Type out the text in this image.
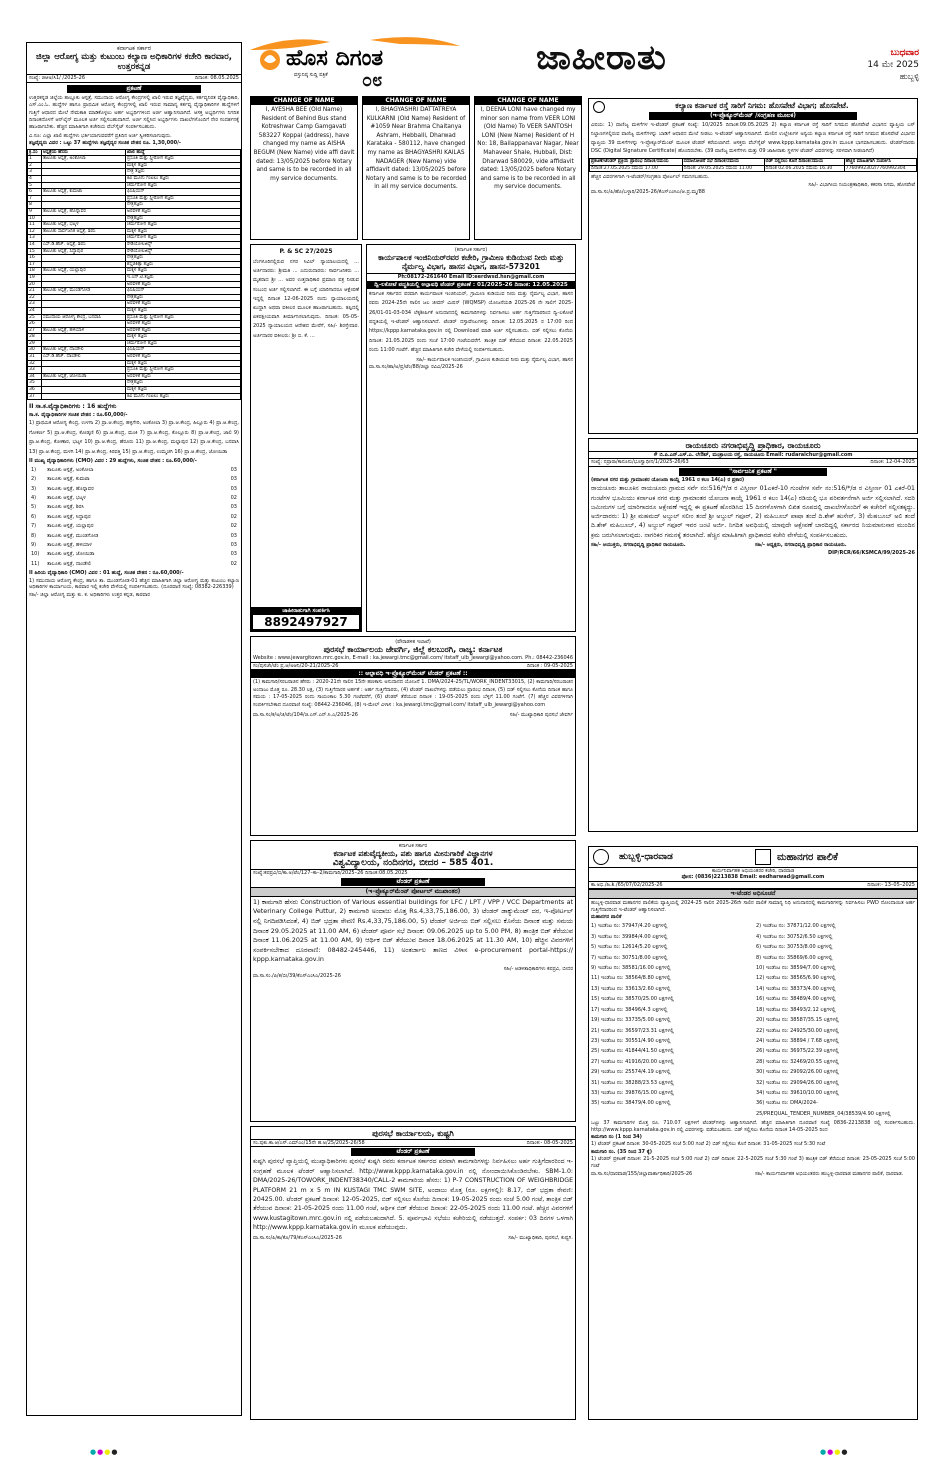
ಹೊಸ ದಿಗಂತ
ವಸ್ತುನಿಷ್ಠ ಸುದ್ದಿ ಪತ್ರಿಕೆ ೦೮
ಜಾಹೀರಾತು	ಬುಧವಾರ
14 ಮೇ 2025
ಹುಬ್ಬಳ್ಳಿ
ಕರ್ನಾಟಕ ಸರ್ಕಾರ
ಜಿಲ್ಲಾ ಆರೋಗ್ಯ ಮತ್ತು ಕುಟುಂಬ ಕಲ್ಯಾಣ ಅಧಿಕಾರಿಗಳ ಕಚೇರಿ ಕಾರವಾರ, ಉತ್ತರಕನ್ನಡ
ಸಂಖ್ಯೆ: ಜಿಆಅ/ಸಿ1/ /2025-26	ದಿನಾಂಕ: 08.05.2025
ಪ್ರಕಟಣೆ

ಉತ್ತರಕನ್ನಡ ಜಿಲ್ಲೆಯ ತಾಲ್ಲೂಕು ಆಸ್ಪತ್ರೆ, ಸಮುದಾಯ ಆರೋಗ್ಯ ಕೇಂದ್ರಗಳಲ್ಲಿ ಖಾಲಿ ಇರುವ ತಜ್ಞವೈದ್ಯರು, ಕರ್ತವ್ಯನಿರತ ವೈದ್ಯಾಧಿಕಾರಿ, ಎಸ್.ಎಂ.ಓ. ಹುದ್ದೆಗಳ ಹಾಗೂ ಪ್ರಾಥಮಿಕ ಆರೋಗ್ಯ ಕೇಂದ್ರಗಳಲ್ಲಿ ಖಾಲಿ ಇರುವ ಸಾಮಾನ್ಯ ಕರ್ತವ್ಯ ವೈದ್ಯಾಧಿಕಾರಿಗಳ ಹುದ್ದೆಗಳಿಗೆ ಗುತ್ತಿಗೆ ಆಧಾರದ ಮೇಲೆ ನೇಮಕಾತಿ ಮಾಡಿಕೊಳ್ಳಲು ಅರ್ಹ ಅಭ್ಯರ್ಥಿಗಳಿಂದ ಅರ್ಜಿ ಆಹ್ವಾನಿಸಲಾಗಿದೆ. ಆಸಕ್ತ ಅಭ್ಯರ್ಥಿಗಳು ನಿಗದಿತ ದಿನಾಂಕದೊಳಗೆ ಆನ್‌ಲೈನ್ ಮೂಲಕ ಅರ್ಜಿ ಸಲ್ಲಿಸಬಹುದಾಗಿದೆ. ಅರ್ಜಿ ಸಲ್ಲಿಸಿದ ಅಭ್ಯರ್ಥಿಗಳು ದಾಖಲೆಗಳೊಂದಿಗೆ ನೇರ ಸಂದರ್ಶನಕ್ಕೆ ಹಾಜರಾಗಬೇಕು. ಹೆಚ್ಚಿನ ಮಾಹಿತಿಗಾಗಿ ಕಚೇರಿಯ ವೆಬ್‌ಸೈಟ್ ಸಂಪರ್ಕಿಸಬಹುದು.

ವಿ.ಸೂ: ಎಲ್ಲಾ ಖಾಲಿ ಹುದ್ದೆಗಳು ಭರ್ತಿಯಾಗುವವರೆಗೆ ಪ್ರತಿದಿನ ಅರ್ಜಿ ಸ್ವೀಕರಿಸಲಾಗುವುದು.

ತಜ್ಞವೈದ್ಯರು ವಿವರ : ಒಟ್ಟು 37 ಹುದ್ದೆಗಳು ತಜ್ಞವೈದ್ಯರ ಸಂಚಿತ ವೇತನ ರೂ. 1,30,000/-

ಕ್ರ.ಸಂ	ಆಸ್ಪತ್ರೆಯ ಹೆಸರು	ಖಾಲಿ ಹುದ್ದೆ
1	ತಾಲೂಕು ಆಸ್ಪತ್ರೆ, ಅಂಕೋಲಾ	ಪ್ರಸೂತಿ ಮತ್ತು ಸ್ತ್ರೀರೋಗ ತಜ್ಞರು
2		ಮಕ್ಕಳ ತಜ್ಞರು
3		ನೇತ್ರ ತಜ್ಞರು
4		ಕಿವಿ ಮೂಗು ಗಂಟಲು ತಜ್ಞರು
5		ಚರ್ಮರೋಗ ತಜ್ಞರು
6	ತಾಲೂಕು ಆಸ್ಪತ್ರೆ, ಕುಮಟಾ	ಫಿಸಿಷಿಯನ್
7		ಪ್ರಸೂತಿ ಮತ್ತು ಸ್ತ್ರೀರೋಗ ತಜ್ಞರು
8		ನೇತ್ರತಜ್ಞರು
9	ತಾಲೂಕು ಆಸ್ಪತ್ರೆ, ಹೊನ್ನಾವರ	ಅರವಳಿಕೆ ತಜ್ಞರು
10		ನೇತ್ರತಜ್ಞರು
11	ತಾಲೂಕು ಆಸ್ಪತ್ರೆ, ಭಟ್ಕಳ	ಚರ್ಮರೋಗ ತಜ್ಞರು
12	ತಾಲೂಕು ಸಾರ್ವಜನಿಕ ಆಸ್ಪತ್ರೆ, ಶಿರಸಿ	ಮಕ್ಕಳ ತಜ್ಞರು
13		ಚರ್ಮರೋಗ ತಜ್ಞರು
14	ಎಸ್.ಡಿ.ಹೆಚ್. ಆಸ್ಪತ್ರೆ, ಶಿರಸಿ	ರೇಡಿಯೋಲಜಿಸ್ಟ್
15	ತಾಲೂಕು ಆಸ್ಪತ್ರೆ, ಸಿದ್ದಾಪುರ	ರೇಡಿಯೋಲಜಿಸ್ಟ್
16		ನೇತ್ರತಜ್ಞರು
17		ಶಸ್ತ್ರಚಿಕಿತ್ಸಾ ತಜ್ಞರು
18	ತಾಲೂಕು ಆಸ್ಪತ್ರೆ, ಯಲ್ಲಾಪುರ	ಮಕ್ಕಳ ತಜ್ಞರು
19		ಇ.ಎನ್.ಟಿ.ತಜ್ಞರು
20		ಅರವಳಿಕೆ ತಜ್ಞರು
21	ತಾಲೂಕು ಆಸ್ಪತ್ರೆ, ಮುಂಡಗೋಡ	ಫಿಸಿಷಿಯನ್
22		ನೇತ್ರತಜ್ಞರು
23		ಅರವಳಿಕೆ ತಜ್ಞರು
24		ಮಕ್ಕಳ ತಜ್ಞರು
25	ಸಮುದಾಯ ಆರೋಗ್ಯ ಕೇಂದ್ರ, ಬನವಾಸಿ	ಪ್ರಸೂತಿ ಮತ್ತು ಸ್ತ್ರೀರೋಗ ತಜ್ಞರು
26		ಅರವಳಿಕೆ ತಜ್ಞರು
27	ತಾಲೂಕು ಆಸ್ಪತ್ರೆ, ಹಳಿಯಾಳ	ಅರವಳಿಕೆ ತಜ್ಞರು
28		ಮಕ್ಕಳ ತಜ್ಞರು
29		ಚರ್ಮರೋಗ ತಜ್ಞರು
30	ತಾಲೂಕು ಆಸ್ಪತ್ರೆ, ದಾಂಡೇಲಿ	ಫಿಸಿಷಿಯನ್
31	ಎಸ್.ಡಿ.ಹೆಚ್. ದಾಂಡೇಲಿ	ಅರವಳಿಕೆ ತಜ್ಞರು
32		ಮಕ್ಕಳ ತಜ್ಞರು
33		ಪ್ರಸೂತಿ ಮತ್ತು ಸ್ತ್ರೀರೋಗ ತಜ್ಞರು
34	ತಾಲೂಕು ಆಸ್ಪತ್ರೆ, ಜೋಯಿಡಾ	ಅರವಳಿಕೆ ತಜ್ಞರು
35		ನೇತ್ರತಜ್ಞರು
36		ಮಕ್ಕಳ ತಜ್ಞರು
37		ಕಿವಿ ಮೂಗು ಗಂಟಲು ತಜ್ಞರು

II ಸಾ.ಕ.ವೈದ್ಯಾಧಿಕಾರಿಗಳು : 16 ಹುದ್ದೆಗಳು

ಸಾ.ಕ. ವೈದ್ಯಾಧಿಕಾರಿಗಳ ಸಂಚಿತ ವೇತನ : ರೂ.60,000/-

1) ಪ್ರಾಥಮಿಕ ಆರೋಗ್ಯ ಕೇಂದ್ರ, ಉಳಗಾ 2) ಪ್ರಾ.ಆ.ಕೇಂದ್ರ, ಹಳ್ಳಿಗೇರಿ, ಅಂಕೋಲಾ 3) ಪ್ರಾ.ಆ.ಕೇಂದ್ರ, ಹಿಲ್ಲೂರು 4) ಪ್ರಾ.ಆ.ಕೇಂದ್ರ, ಗೋಕರ್ಣ 5) ಪ್ರಾ.ಆ.ಕೇಂದ್ರ, ಕೋಡ್ಕಣಿ 6) ಪ್ರಾ.ಆ.ಕೇಂದ್ರ, ಮಂಕಿ 7) ಪ್ರಾ.ಆ.ಕೇಂದ್ರ, ಕೊಲ್ಲೂರು 8) ಪ್ರಾ.ಆ.ಕೇಂದ್ರ, ಜಾಲಿ 9) ಪ್ರಾ.ಆ.ಕೇಂದ್ರ, ಕೋಣಾರ, ಭಟ್ಕಳ 10) ಪ್ರಾ.ಆ.ಕೇಂದ್ರ, ಹೆರೂರು 11) ಪ್ರಾ.ಆ.ಕೇಂದ್ರ, ಮಲ್ಲಾಪುರ 12) ಪ್ರಾ.ಆ.ಕೇಂದ್ರ, ಬನವಾಸಿ 13) ಪ್ರಾ.ಆ.ಕೇಂದ್ರ, ಮಳಗಿ 14) ಪ್ರಾ.ಆ.ಕೇಂದ್ರ, ಕಿರವತ್ತಿ 15) ಪ್ರಾ.ಆ.ಕೇಂದ್ರ, ಉಮ್ಮಚಗಿ 16) ಪ್ರಾ.ಆ.ಕೇಂದ್ರ, ಜೋಯಿಡಾ

II ಮುಖ್ಯ ವೈದ್ಯಾಧಿಕಾರಿಗಳು (CMO) ವಿವರ : 29 ಹುದ್ದೆಗಳು, ಸಂಚಿತ ವೇತನ : ರೂ.60,000/-

1)	ತಾಲೂಕು ಆಸ್ಪತ್ರೆ, ಅಂಕೋಲಾ	03
2)	ತಾಲೂಕು ಆಸ್ಪತ್ರೆ, ಕುಮಟಾ	03
3)	ತಾಲೂಕು ಆಸ್ಪತ್ರೆ, ಹೊನ್ನಾವರ	03
4)	ತಾಲೂಕು ಆಸ್ಪತ್ರೆ, ಭಟ್ಕಳ	02
5)	ತಾಲೂಕು ಆಸ್ಪತ್ರೆ, ಶಿರಸಿ	03
6)	ತಾಲೂಕು ಆಸ್ಪತ್ರೆ, ಸಿದ್ದಾಪುರ	02
7)	ತಾಲೂಕು ಆಸ್ಪತ್ರೆ, ಯಲ್ಲಾಪುರ	02
8)	ತಾಲೂಕು ಆಸ್ಪತ್ರೆ, ಮುಂಡಗೋಡ	03
9)	ತಾಲೂಕು ಆಸ್ಪತ್ರೆ, ಹಳಿಯಾಳ	03
10)	ತಾಲೂಕು ಆಸ್ಪತ್ರೆ, ಜೋಯಿಡಾ	03
11)	ತಾಲೂಕು ಆಸ್ಪತ್ರೆ, ದಾಂಡೇಲಿ	02

II ಹಿರಿಯ ವೈದ್ಯಾಧಿಕಾರಿ (CMO) ವಿವರ : 01 ಹುದ್ದೆ, ಸಂಚಿತ ವೇತನ : ರೂ.60,000/-

1) ಸಮುದಾಯ ಆರೋಗ್ಯ ಕೇಂದ್ರ, ಹಾಗೂ ತಾ. ಮುಂಡಗೋಡ-01 ಹೆಚ್ಚಿನ ಮಾಹಿತಿಗಾಗಿ ಜಿಲ್ಲಾ ಆರೋಗ್ಯ ಮತ್ತು ಕುಟುಂಬ ಕಲ್ಯಾಣ ಅಧಿಕಾರಿಗಳ ಕಾರ್ಯಾಲಯ, ಕಾರವಾರ ಇಲ್ಲಿ ಕಚೇರಿ ವೇಳೆಯಲ್ಲಿ ಸಂಪರ್ಕಿಸಬಹುದು. (ದೂರವಾಣಿ ಸಂಖ್ಯೆ: 08382-226339)

ಸಹಿ/- ಜಿಲ್ಲಾ ಆರೋಗ್ಯ ಮತ್ತು ಕು. ಕ. ಅಧಿಕಾರಿಗಳು ಉತ್ತರ ಕನ್ನಡ, ಕಾರವಾರ

CHANGE OF NAME
I, AYESHA BEE (Old Name) Resident of Behind Bus stand Kotreshwar Camp Gamgavati 583227 Koppal (address), have changed my name as AISHA BEGUM (New Name) vide affi davit dated: 13/05/2025 before Notary and same is to be recorded in all my service documents.
CHANGE OF NAME
I, BHAGYASHRI DATTATREYA KULKARNI (Old Name) Resident of #1059 Near Brahma Chaitanya Ashram, Hebballi, Dharwad Karataka - 580112, have changed my name as BHAGYASHRI KAILAS NADAGER (New Name) vide affidavit dated: 13/05/2025 before Notary and same is to be recorded in all my service documents.
CHANGE OF NAME
I, DEENA LONI have changed my minor son name from VEER LONI (Old Name) To VEER SANTOSH LONI (New Name) Resident of H No: 18, Bailappanavar Nagar, Near Mahaveer Shale, Hubbali, Dist: Dharwad 580029, vide affidavit dated: 13/05/2025 before Notary and same is to be recorded in all my service documents.
P. & SC 27/2025

ಬೆಂಗಳೂರಿನಲ್ಲಿರುವ ನಗರ ಸಿವಿಲ್ ನ್ಯಾಯಾಲಯದಲ್ಲಿ ... ಅರ್ಜಿದಾರರು: ಶ್ರೀಮತಿ ... ಎದುರುದಾರರು: ಸಾರ್ವಜನಿಕರು ... ಮೃತರಾದ ಶ್ರೀ ... ಅವರ ಉತ್ತರಾಧಿಕಾರ ಪ್ರಮಾಣ ಪತ್ರ ನೀಡುವ ಸಂಬಂಧ ಅರ್ಜಿ ಸಲ್ಲಿಸಲಾಗಿದೆ. ಈ ಬಗ್ಗೆ ಯಾರಿಗಾದರೂ ಆಕ್ಷೇಪಣೆ ಇದ್ದಲ್ಲಿ ದಿನಾಂಕ 12-06-2025 ರಂದು ನ್ಯಾಯಾಲಯದಲ್ಲಿ ಖುದ್ದಾಗಿ ಅಥವಾ ವಕೀಲರ ಮೂಲಕ ಹಾಜರಾಗಬಹುದು. ತಪ್ಪಿದಲ್ಲಿ ಏಕಪಕ್ಷೀಯವಾಗಿ ತೀರ್ಮಾನಿಸಲಾಗುವುದು. ದಿನಾಂಕ: 05-05-2025 ನ್ಯಾಯಾಲಯದ ಆದೇಶದ ಮೇರೆಗೆ, ಸಹಿ/- ಶಿರಸ್ತೇದಾರ. ಅರ್ಜಿದಾರರ ವಕೀಲರು: ಶ್ರೀ ಬಿ. ಕೆ. ...

ಜಾಹೀರಾತುಗಾಗಿ ಸಂಪರ್ಕಿಸಿ
8892497927
(ಕರ್ನಾಟಕ ಸರ್ಕಾರ)
ಕಾರ್ಯಪಾಲಕ ಇಂಜಿನಿಯರ್‌ರವರ ಕಚೇರಿ, ಗ್ರಾಮೀಣ ಕುಡಿಯುವ ನೀರು ಮತ್ತು ನೈರ್ಮಲ್ಯ ವಿಭಾಗ, ಹಾಸನ ವಿಭಾಗ, ಹಾಸನ-573201
Ph:08172-261640 Email ID:eerdwsd.hsn@gmail.com
ದ್ವಿ-ಲಕೋಟೆ ಪದ್ಧತಿಯಲ್ಲಿ ಅಲ್ಪಾವಧಿ ಟೆಂಡರ್ ಪ್ರಕಟಣೆ : 01/2025-26 ದಿನಾಂಕ: 12.05.2025

ಕರ್ನಾಟಕ ಸರ್ಕಾರದ ಪರವಾಗಿ ಕಾರ್ಯಪಾಲಕ ಇಂಜಿನಿಯರ್, ಗ್ರಾಮೀಣ ಕುಡಿಯುವ ನೀರು ಮತ್ತು ನೈರ್ಮಲ್ಯ ವಿಭಾಗ, ಹಾಸನ ರವರು 2024-25ನೇ ಸಾಲಿನ ಜಲ ಜೀವನ್ ಮಿಷನ್ (WQMSP) ಯೋಜನೆಯಡಿ 2025-26 ನೇ ಸಾಲಿಗೆ 2025-26/01-01-03-034 ಲೆಕ್ಕಶೀರ್ಷಿಕೆ ಅನುದಾನದಲ್ಲಿ ಕಾಮಗಾರಿಗಳನ್ನು ನಿರ್ವಹಿಸಲು ಅರ್ಹ ಗುತ್ತಿಗೆದಾರರಿಂದ ದ್ವಿ-ಲಕೋಟೆ ಪದ್ಧತಿಯಲ್ಲಿ ಇ-ಟೆಂಡರ್ ಆಹ್ವಾನಿಸಲಾಗಿದೆ. ಟೆಂಡರ್ ದಸ್ತಾವೇಜುಗಳನ್ನು ದಿನಾಂಕ: 12.05.2025 ರ 17:00 ರಿಂದ https://kppp.karnataka.gov.in ರಲ್ಲಿ Download ಮಾಡಿ ಅರ್ಜಿ ಸಲ್ಲಿಸಬಹುದು. ಬಿಡ್ ಸಲ್ಲಿಸಲು ಕೊನೆಯ ದಿನಾಂಕ: 21.05.2025 ರಂದು ಸಂಜೆ 17:00 ಗಂಟೆಯವರೆಗೆ. ತಾಂತ್ರಿಕ ಬಿಡ್ ತೆರೆಯುವ ದಿನಾಂಕ: 22.05.2025 ರಂದು 11:00 ಗಂಟೆಗೆ. ಹೆಚ್ಚಿನ ಮಾಹಿತಿಗಾಗಿ ಕಚೇರಿ ವೇಳೆಯಲ್ಲಿ ಸಂಪರ್ಕಿಸಬಹುದು.

ಸಹಿ/- ಕಾರ್ಯಪಾಲಕ ಇಂಜಿನಿಯರ್, ಗ್ರಾಮೀಣ ಕುಡಿಯುವ ನೀರು ಮತ್ತು ನೈರ್ಮಲ್ಯ ವಿಭಾಗ, ಹಾಸನ

ವಾ.ಸಾ.ಸಂ/ಹಾ/ಅ/ಪ್ರ/ಟೆಂ/88/ಜಿಲ್ಲಾ ರವಿವಿ/2025-26

(ಪೌರಾಡಳಿತ ಇಲಾಖೆ)
ಪುರಸಭೆ ಕಾರ್ಯಾಲಯ ಜೇವರ್ಗಿ, ಜಿಲ್ಲೆ ಕಲಬುರಗಿ, ರಾಜ್ಯ: ಕರ್ನಾಟಕ
Website : www.jewargitown.mrc.gov.in, E-mail : ka.jewargi.tmc@gmail.com/ itstaff_ulb_jewargi@yahoo.com. Ph.: 08442-236046
ಸಂ/ಪುಸಜೇ/ಟೆಂ ಪ್ರ.ಆ/ಅಆನಿ/20-21/2025-26	ದಿನಾಂಕ : 09-05-2025
:: ಅಲ್ಪಾವಧಿ ಇ-ಪ್ರೊಕ್ಯೂರ್‌ಮೆಂಟ್ ಟೆಂಡರ್ ಪ್ರಕಟಣೆ ::

(1) ಕಾಮಗಾರಿ/ಸರಬರಾಜಿನ ಹೆಸರು : 2020-21ನೇ ಸಾಲಿನ 15ನೇ ಹಣಕಾಸು ಅನುದಾನದ ಯೋಜನೆ 1. DMA/2024-25/TL/WORK_INDENT33015, (2) ಕಾಮಗಾರಿ/ಸರಬರಾಜಿನ ಅಂದಾಜು ಮೊತ್ತ ರೂ. 28.30 ಲಕ್ಷ, (3) ಗುತ್ತಿಗೆದಾರರ ಅರ್ಹತೆ : ಅರ್ಹ ಗುತ್ತಿಗೆದಾರರು, (4) ಟೆಂಡರ್ ದಾಖಲೆಗಳನ್ನು ಪಡೆಯಲು ಪ್ರಾರಂಭ ದಿನಾಂಕ, (5) ಬಿಡ್ ಸಲ್ಲಿಸಲು ಕೊನೆಯ ದಿನಾಂಕ ಹಾಗೂ ಸಮಯ : 17-05-2025 ರಂದು ಸಾಯಂಕಾಲ 5.30 ಗಂಟೆವರೆಗೆ, (6) ಟೆಂಡರ್ ತೆರೆಯುವ ದಿನಾಂಕ : 19-05-2025 ರಂದು ಬೆಳ್ಳಿಗೆ 11.00 ಗಂಟೆಗೆ. (7) ಹೆಚ್ಚಿನ ವಿವರಗಳಿಗಾಗಿ ಸಂಪರ್ಕಿಸಬೇಕಾದ ದೂರವಾಣಿ ಸಂಖ್ಯೆ: 08442-236046, (8) ಇ-ಮೇಲ್ ವಿಳಾಸ : ka.jewargi.tmc@gmail.com/ itstaff_ulb_jewargi@yahoo.com

ವಾ.ಸಾ.ಸಂ/ಕ/ಅ/ಜಿ/ಟೆಂ/104/ಜಿ.ಎಸ್.ಎನ್.ಸಿ.ಎ/2025-26	ಸಹಿ/- ಮುಖ್ಯಾಧಿಕಾರಿ ಪುರಸಭೆ ಜೇವರ್ಗಿ

ಕರ್ನಾಟಕ ಸರ್ಕಾರ
ಕರ್ನಾಟಕ ಪಶುವೈದ್ಯಕೀಯ, ಪಶು ಹಾಗೂ ಮೀನುಗಾರಿಕೆ ವಿಜ್ಞಾನಗಳ
ವಿಶ್ವವಿದ್ಯಾಲಯ, ನಂದಿನಗರ, ಬೀದರ – 585 401.
ಸಂಖ್ಯೆ:ಕಪಪ್ರವಿ/ಬಿ/ಕಾ.ಅ/ಟೆಂ/127–ಕಾ–2/ಕಾಮಗಾರಿ/2025–26 ದಿನಾಂಕ:08.05.2025
ಟೆಂಡರ್ ಪ್ರಕಟಣೆ
(ಇ–ಪ್ರೊಕ್ಯೂರ್‌ಮೆಂಟ್ ಪೋರ್ಟಲ್ ಮುಖಾಂತರ)

1) ಕಾಮಗಾರಿ ಹೆಸರು Construction of Various essential buildings for LFC / LPT / VPP / VCC Departments at Veterinary College Puttur, 2) ಕಾಮಗಾರಿ ಅಂದಾಜು ಮೊತ್ತ Rs.4,33,75,186.00, 3) ಟೆಂಡರ್ ಡಾಕ್ಯುಮೆಂಟ್ ದರ, ಇ-ಪೋರ್ಟಲ್ ನಲ್ಲಿ ನಿಗದಿಪಡಿಸಿದಂತೆ, 4) ಬಿಡ್ ಭದ್ರತಾ ಠೇವಣಿ Rs.4,33,75,186.00, 5) ಟೆಂಡರ್ ಅರ್ಜಿಯ ಬಿಡ್ ಸಲ್ಲಿಸಲು ಕೊನೆಯ ದಿನಾಂಕ ಮತ್ತು ಸಮಯ ದಿನಾಂಕ 29.05.2025 at 11.00 AM, 6) ಟೆಂಡರ್ ಪೂರ್ವ ಸಭೆ ದಿನಾಂಕ: 09.06.2025 up to 5.00 PM, 8) ತಾಂತ್ರಿಕ ಬಿಡ್ ತೆರೆಯುವ ದಿನಾಂಕ 11.06.2025 at 11.00 AM, 9) ಆರ್ಥಿಕ ಬಿಡ್ ತೆರೆಯುವ ದಿನಾಂಕ 18.06.2025 at 11.30 AM, 10) ಹೆಚ್ಚಿನ ವಿವರಗಳಿಗೆ ಸಂಪರ್ಕಿಸಬೇಕಾದ ದೂರವಾಣಿ: 08482-245446, 11) ಅಂತರ್ಜಾಲ ತಾಣದ ವಿಳಾಸ e-procurement portal-https:// kppp.karnataka.gov.in

ಸಹಿ/- ಆಡಳಿತಾಧಿಕಾರಿಗಳು ಕಪಪ್ರವಿ, ಬೀದರ

ವಾ.ಸಾ.ಸಂ./ಪಿ/ಕ/ಬೀ/39/ಕೆಎಸ್‌ಎಂಸಿಎ/2025-26

ಪುರಸಭೆ ಕಾರ್ಯಾಲಯ, ಕುಷ್ಟಗಿ
ಸಂ.ಪುಕು.ಕಾ.ಆ/ಎಸ್.ಎಮ್ಎಂ/15ನೇ ಹ.ಅ/25/2025-26/58	ದಿನಾಂಕ:- 08-05-2025
ಟೆಂಡರ್ ಪ್ರಕಟಣೆ

ಕುಷ್ಟಗಿ ಪುರಸಭೆ ವ್ಯಾಪ್ತಿಯಲ್ಲಿ ಮುಖ್ಯಾಧಿಕಾರಿಗಳು ಪುರಸಭೆ ಕುಷ್ಟಗಿ ರವರು ಕರ್ನಾಟಕ ಸರ್ಕಾರದ ಪರವಾಗಿ ಕಾಮಗಾರಿಗಳನ್ನು ನಿರ್ವಹಿಸಲು ಅರ್ಹ ಗುತ್ತಿಗೆದಾರರಿಂದ ಇ-ಸಂಗ್ರಹಣೆ ಮೂಲಕ ಟೆಂಡರ್ ಆಹ್ವಾನಿಸಲಾಗಿದೆ. http://www.kppp.karnataka.gov.in ನಲ್ಲಿ ನೋಂದಾಯಿಸಿಕೊಂಡಿರಬೇಕು. SBM-1.0: DMA/2025-26/TOWORK_INDENT38340/CALL-2 ಕಾಮಗಾರಿಯ ಹೆಸರು: 1) P-7 CONSTRUCTION OF WEIGHBRIDGE PLATFORM 21 m x 5 m IN KUSTAGI TMC SWM SITE, ಅಂದಾಜು ಮೊತ್ತ (ರೂ. ಲಕ್ಷಗಳಲ್ಲಿ): 8.17, ಬಿಡ್ ಭದ್ರತಾ ಠೇವಣಿ: 20425.00. ಟೆಂಡರ್ ಪ್ರಕಟಣೆ ದಿನಾಂಕ: 12-05-2025, ಬಿಡ್ ಸಲ್ಲಿಸಲು ಕೊನೆಯ ದಿನಾಂಕ: 19-05-2025 ರಂದು ಸಂಜೆ 5.00 ಗಂಟೆ, ತಾಂತ್ರಿಕ ಬಿಡ್ ತೆರೆಯುವ ದಿನಾಂಕ: 21-05-2025 ರಂದು 11.00 ಗಂಟೆ, ಆರ್ಥಿಕ ಬಿಡ್ ತೆರೆಯುವ ದಿನಾಂಕ: 22-05-2025 ರಂದು 11.00 ಗಂಟೆ. ಹೆಚ್ಚಿನ ವಿವರಗಳಿಗೆ www.kustagitown.mrc.gov.in ನಲ್ಲಿ ಪಡೆಯಬಹುದಾಗಿದೆ. 5. ಪೂರ್ವಭಾವಿ ಸಭೆಯು ಕಚೇರಿಯಲ್ಲಿ ನಡೆಯುತ್ತದೆ. ಸಂಪರ್ಕ: 03 ದಿನಗಳ ಒಳಗಾಗಿ http://www.kppp.karnataka.gov.in ಮೂಲಕ ಪಡೆಯುವುದು.

ವಾ.ಸಾ.ಸಂ/ಪಿ/ಕಾ/ಕೊ/79/ಕೆಎಸ್‌ಎಂಸಿಎ/2025-26	ಸಹಿ/- ಮುಖ್ಯಾಧಿಕಾರಿ, ಪುರಸಭೆ, ಕುಷ್ಟಗಿ.

ಕಲ್ಯಾಣ ಕರ್ನಾಟಕ ರಸ್ತೆ ಸಾರಿಗೆ ನಿಗಮ: ಹೊಸಪೇಟೆ ವಿಭಾಗ; ಹೊಸಪೇಟೆ.
(ಇ-ಪ್ರೊಕ್ಯೂರ್‌ಮೆಂಟ್ /ಸಂಗ್ರಹಣ ಮೂಲಕ)

ವಿಷಯ: 1) ವಾಣಿಜ್ಯ ಮಳಿಗೆಗಳ ಇ-ಟೆಂಡರ್ ಪ್ರಕಟಣೆ ಸಂಖ್ಯೆ: 10/2025 ದಿನಾಂಕ:09.05.2025 2) ಕಲ್ಯಾಣ ಕರ್ನಾಟಕ ರಸ್ತೆ ಸಾರಿಗೆ ನಿಗಮದ ಹೊಸಪೇಟೆ ವಿಭಾಗದ ವ್ಯಾಪ್ತಿಯ ಬಸ್ ನಿಲ್ದಾಣಗಳಲ್ಲಿರುವ ವಾಣಿಜ್ಯ ಮಳಿಗೆಗಳನ್ನು ಬಾಡಿಗೆ ಆಧಾರದ ಮೇಲೆ ನೀಡಲು ಇ-ಟೆಂಡರ್ ಆಹ್ವಾನಿಸಲಾಗಿದೆ. ಮೇಲಿನ ಉಲ್ಲೇಖಗಳ ಅನ್ವಯ ಕಲ್ಯಾಣ ಕರ್ನಾಟಕ ರಸ್ತೆ ಸಾರಿಗೆ ನಿಗಮದ ಹೊಸಪೇಟೆ ವಿಭಾಗದ ವ್ಯಾಪ್ತಿಯ 39 ಮಳಿಗೆಗಳನ್ನು ಇ-ಪ್ರೊಕ್ಯೂರ್‌ಮೆಂಟ್ ಮೂಲಕ ಟೆಂಡರ್ ಕರೆಯಲಾಗಿದೆ. ಆಸಕ್ತರು ವೆಬ್‌ಸೈಟ್ www.kppp.karnataka.gov.in ಮೂಲಕ ಭಾಗವಹಿಸಬಹುದು. ಟೆಂಡರ್‌ದಾರರು DSC (Digital Signature Certificate) ಹೊಂದಿರಬೇಕು. (39 ವಾಣಿಜ್ಯ ಮಳಿಗೆಗಳು ಮತ್ತು 09 ಜಾಹೀರಾತು ಸ್ಥಳಗಳ ಟೆಂಡರ್ ವಿವರಗಳನ್ನು ಸರಳವಾಗಿ ನೀಡಲಾಗಿದೆ)

ಪ್ರಕಟಣೆ/ಟೆಂಡರ್ ಪ್ರಕ್ರಿಯೆ ಪ್ರಾರಂಭ ದಿನಾಂಕ/ಸಮಯ	ಸಮಾಲೋಚನೆ ಸಭೆ ದಿನಾಂಕ/ಸಮಯ	ಬಿಡ್ ಸಲ್ಲಿಸಲು ಕೊನೆ ದಿನಾಂಕ/ಸಮಯ	ಹೆಚ್ಚಿನ ಮಾಹಿತಿಗಾಗಿ ಸಂಪರ್ಕಿಸಿ
ದಿನಾಂಕ:27.05.2025 ಸಮಯ 17.00	ದಿನಾಂಕ: 29.05.2025 ಸಮಯ 11.00	ದಿನಾಂಕ 02.06.2025 ಸಮಯ 16.30	7760992302/7760992304

ಹೆಚ್ಚಿನ ವಿವರಗಳಿಗಾಗಿ ಇ-ಟೆಂಡರ್/ಸಂಗ್ರಹಣ ಪೋರ್ಟಲ್ ಗಮನಿಸಬಹುದು.

ಸಹಿ/- ವಿಭಾಗೀಯ ನಿಯಂತ್ರಣಾಧಿಕಾರಿ, ಕಕರಸಾ ನಿಗಮ, ಹೊಸಪೇಟೆ

ವಾ.ಸಾ.ಸಂ/ಪಿ/ಹೊ/ಬಳ್ಳಾರಿ/2025-26/ಕೆಎಸ್‌ಎಂಸಿಎ/ಆ.ಪ್ರ.ಮ್ಮ/88

ರಾಯಚೂರು ನಗರಾಭಿವೃದ್ಧಿ ಪ್ರಾಧಿಕಾರ, ರಾಯಚೂರು
# ಬಿ.ಪಿ.ಎನ್.ಎಸ್.ಎ. ಲೇಔಟ್, ಮಂತ್ರಾಲಯ ರಸ್ತೆ, ರಾಯಚೂರು Email: rudaraichur@gmail.com
ಸಂಖ್ಯೆ: ನಪ್ರಾರಾ/ಕಾನೂನು/ಭೂಸ್ವಾಧೀನ/1/2025-26/63	ದಿನಾಂಕ: 12-04-2025
"ಸಾರ್ವಜನಿಕ ಪ್ರಕಟಣೆ "

(ಕರ್ನಾಟಕ ನಗರ ಮತ್ತು ಗ್ರಾಮಾಂತರ ಯೋಜನಾ ಕಾಯ್ದೆ 1961 ರ ಕಲಂ 14(ಎ) ರ ಪ್ರಕಾರ)

ರಾಯಚೂರು ತಾಲೂಕಿನ ರಾಯಚೂರು ಗ್ರಾಮದ ಸರ್ವೆ ನಂ:516/*/ಡ ರ ವಿಸ್ತೀರ್ಣ 01ಎಕರೆ-10 ಗುಂಟೆಗಳ ಸರ್ವೆ ನಂ:516/*/ಡ ರ ವಿಸ್ತೀರ್ಣ 01 ಎಕರೆ-01 ಗುಂಟೆಗಳ ಭೂಮಿಯು ಕರ್ನಾಟಕ ನಗರ ಮತ್ತು ಗ್ರಾಮಾಂತರ ಯೋಜನಾ ಕಾಯ್ದೆ 1961 ರ ಕಲಂ 14(ಎ) ರಡಿಯಲ್ಲಿ ಭೂ ಪರಿವರ್ತನೆಗಾಗಿ ಅರ್ಜಿ ಸಲ್ಲಿಸಲಾಗಿದೆ. ಸದರಿ ಜಮೀನುಗಳ ಬಗ್ಗೆ ಯಾರಿಗಾದರೂ ಆಕ್ಷೇಪಣೆ ಇದ್ದಲ್ಲಿ ಈ ಪ್ರಕಟಣೆ ಹೊರಡಿಸಿದ 15 ದಿನಗಳೊಳಗಾಗಿ ಲಿಖಿತ ರೂಪದಲ್ಲಿ ದಾಖಲೆಗಳೊಂದಿಗೆ ಈ ಕಚೇರಿಗೆ ಸಲ್ಲಿಸತಕ್ಕದ್ದು. ಅರ್ಜಿದಾರರು: 1) ಶ್ರೀ ಮಹಮದ್ ಅಬ್ದುಲ್ ಸಲೀಂ ತಂದೆ ಶ್ರೀ ಅಬ್ದುಲ್ ಗಫೂರ್, 2) ಮಹಿಬೂಬ್ ಪಾಷಾ ತಂದೆ ದಿ.ಶೇಕ್ ಹುಸೇನ್, 3) ಮೆಹಬೂಬ್ ಅಲಿ ತಂದೆ ದಿ.ಶೇಕ್ ಮಹಿಬೂಬ್, 4) ಅಬ್ದುಲ್ ಗಫೂರ್ ಇವರ ಜಂಟಿ ಅರ್ಜಿ. ನಿಗದಿತ ಅವಧಿಯಲ್ಲಿ ಯಾವುದೇ ಆಕ್ಷೇಪಣೆ ಬಾರದಿದ್ದಲ್ಲಿ ಸರ್ಕಾರದ ನಿಯಮಾನುಸಾರ ಮುಂದಿನ ಕ್ರಮ ಜರುಗಿಸಲಾಗುವುದು. ನಾಗರಿಕರ ಗಮನಕ್ಕೆ ತರಲಾಗಿದೆ. ಹೆಚ್ಚಿನ ಮಾಹಿತಿಗಾಗಿ ಪ್ರಾಧಿಕಾರದ ಕಚೇರಿ ವೇಳೆಯಲ್ಲಿ ಸಂಪರ್ಕಿಸಬಹುದು.

ಸಹಿ/- ಆಯುಕ್ತರು, ನಗರಾಭಿವೃದ್ಧಿ ಪ್ರಾಧಿಕಾರ ರಾಯಚೂರು.	ಸಹಿ/- ಅಧ್ಯಕ್ಷರು, ನಗರಾಭಿವೃದ್ಧಿ ಪ್ರಾಧಿಕಾರ ರಾಯಚೂರು.

DIP/RCR/66/KSMCA/99/2025-26

ಹುಬ್ಬಳ್ಳಿ-ಧಾರವಾಡ	ಮಹಾನಗರ ಪಾಲಿಕೆ
ಕಾರ್ಯನಿರ್ವಾಹಕ ಅಭಿಯಂತರರ ಕಚೇರಿ, ಧಾರವಾಡ
ಫೋನ: (0836)2213838 Email: eedharwad@gmail.com
ಕಾ.ಅಭಿ./ಹಿ.ಶಿ./65/07/02/2025-26	ದಿನಾಂಕ:- 13–05–2025
ಇ-ಟೆಂಡರ ಅಧಿಸೂಚನೆ

ಹುಬ್ಬಳ್ಳಿ-ಧಾರವಾಡ ಮಹಾನಗರ ಪಾಲಿಕೆಯ ವ್ಯಾಪ್ತಿಯಲ್ಲಿ 2024-25 ಸಾಲಿನ 2025-26ನೇ ಸಾಲಿನ ಪಾಲಿಕೆ ಸಾಮಾನ್ಯ ನಿಧಿ ಅನುದಾನದಲ್ಲಿ ಕಾಮಗಾರಿಗಳನ್ನು ನಿರ್ವಹಿಸಲು PWD ನೋಂದಾಯಿತ ಅರ್ಹ ಗುತ್ತಿಗೆದಾರರಿಂದ ಇ-ಟೆಂಡರ್ ಆಹ್ವಾನಿಸಲಾಗಿದೆ.

ಮಹಾನಗರ ಪಾಲಿಕೆ

1) ಇಂಡೆಂಟ ನಂ: 37947/4.20 ಲಕ್ಷಗಳಲ್ಲಿ	2) ಇಂಡೆಂಟ ನಂ: 37871/12.00 ಲಕ್ಷಗಳಲ್ಲಿ
3) ಇಂಡೆಂಟ ನಂ: 39984/4.00 ಲಕ್ಷಗಳಲ್ಲಿ	4) ಇಂಡೆಂಟ ನಂ: 30752/6.50 ಲಕ್ಷಗಳಲ್ಲಿ
5) ಇಂಡೆಂಟ ನಂ: 12614/5.20 ಲಕ್ಷಗಳಲ್ಲಿ	6) ಇಂಡೆಂಟ ನಂ: 30753/8.00 ಲಕ್ಷಗಳಲ್ಲಿ
7) ಇಂಡೆಂಟ ನಂ: 30751/8.00 ಲಕ್ಷಗಳಲ್ಲಿ	8) ಇಂಡೆಂಟ ನಂ: 35869/6.00 ಲಕ್ಷಗಳಲ್ಲಿ
9) ಇಂಡೆಂಟ ನಂ: 38581/16.00 ಲಕ್ಷಗಳಲ್ಲಿ	10) ಇಂಡೆಂಟ ನಂ: 38594/7.00 ಲಕ್ಷಗಳಲ್ಲಿ
11) ಇಂಡೆಂಟ ನಂ: 38564/8.80 ಲಕ್ಷಗಳಲ್ಲಿ	12) ಇಂಡೆಂಟ ನಂ: 38565/6.90 ಲಕ್ಷಗಳಲ್ಲಿ
13) ಇಂಡೆಂಟ ನಂ: 33613/2.60 ಲಕ್ಷಗಳಲ್ಲಿ	14) ಇಂಡೆಂಟ ನಂ: 38373/4.00 ಲಕ್ಷಗಳಲ್ಲಿ
15) ಇಂಡೆಂಟ ನಂ: 38570/25.00 ಲಕ್ಷಗಳಲ್ಲಿ	16) ಇಂಡೆಂಟ ನಂ: 38489/4.00 ಲಕ್ಷಗಳಲ್ಲಿ
17) ಇಂಡೆಂಟ ನಂ: 38496/4.3 ಲಕ್ಷಗಳಲ್ಲಿ	18) ಇಂಡೆಂಟ ನಂ: 38493/2.12 ಲಕ್ಷಗಳಲ್ಲಿ
19) ಇಂಡೆಂಟ ನಂ: 33735/5.00 ಲಕ್ಷಗಳಲ್ಲಿ	20) ಇಂಡೆಂಟ ನಂ: 38587/35.15 ಲಕ್ಷಗಳಲ್ಲಿ
21) ಇಂಡೆಂಟ ನಂ: 36597/23.31 ಲಕ್ಷಗಳಲ್ಲಿ	22) ಇಂಡೆಂಟ ನಂ: 24925/30.00 ಲಕ್ಷಗಳಲ್ಲಿ
23) ಇಂಡೆಂಟ ನಂ: 30551/4.90 ಲಕ್ಷಗಳಲ್ಲಿ	24) ಇಂಡೆಂಟ ನಂ: 38894 / 7.68 ಲಕ್ಷಗಳಲ್ಲಿ
25) ಇಂಡೆಂಟ ನಂ: 41844/41.50 ಲಕ್ಷಗಳಲ್ಲಿ	26) ಇಂಡೆಂಟ ನಂ: 36975/22.39 ಲಕ್ಷಗಳಲ್ಲಿ
27) ಇಂಡೆಂಟ ನಂ: 41916/20.00 ಲಕ್ಷಗಳಲ್ಲಿ	28) ಇಂಡೆಂಟ ನಂ: 32469/20.55 ಲಕ್ಷಗಳಲ್ಲಿ
29) ಇಂಡೆಂಟ ನಂ: 25574/4.19 ಲಕ್ಷಗಳಲ್ಲಿ	30) ಇಂಡೆಂಟ ನಂ: 29092/26.00 ಲಕ್ಷಗಳಲ್ಲಿ
31) ಇಂಡೆಂಟ ನಂ: 38288/23.53 ಲಕ್ಷಗಳಲ್ಲಿ	32) ಇಂಡೆಂಟ ನಂ: 29094/26.00 ಲಕ್ಷಗಳಲ್ಲಿ
33) ಇಂಡೆಂಟ ನಂ: 39876/15.00 ಲಕ್ಷಗಳಲ್ಲಿ	34) ಇಂಡೆಂಟ ನಂ: 39610/10.00 ಲಕ್ಷಗಳಲ್ಲಿ
35) ಇಂಡೆಂಟ ನಂ: 38479/4.00 ಲಕ್ಷಗಳಲ್ಲಿ	36) ಇಂಡೆಂಟ ನಂ: DMA/2024-25/PREQUAL_TENDER_NUMBER_04/38539/4.90 ಲಕ್ಷಗಳಲ್ಲಿ

ಒಟ್ಟು 37 ಕಾಮಗಾರಿಗಳ ಮೊತ್ತ ರೂ. 710.07 ಲಕ್ಷಗಳಿಗೆ ಟೆಂಡರ್‌ಗಳನ್ನು ಆಹ್ವಾನಿಸಲಾಗಿದೆ. ಹೆಚ್ಚಿನ ಮಾಹಿತಿಗಾಗಿ ದೂರವಾಣಿ ಸಂಖ್ಯೆ 0836-2213838 ರಲ್ಲಿ ಸಂಪರ್ಕಿಸಬಹುದು. http://www.kppp.karnataka.gov.in ನಲ್ಲಿ ವಿವರಗಳನ್ನು ಪಡೆಯಬಹುದು. ಬಿಡ್ ಸಲ್ಲಿಸಲು ಕೊನೆಯ ದಿನಾಂಕ 14-05-2025 ರಿಂದ

ಕಾಮಗಾರಿ ನಂ (1 ರಿಂದ 34)

1) ಟೆಂಡರ್ ಪ್ರಕಟಣೆ ದಿನಾಂಕ: 30-05-2025 ಸಂಜೆ 5:00 ಗಂಟೆ 2) ಬಿಡ್ ಸಲ್ಲಿಸಲು ಕೊನೆ ದಿನಾಂಕ: 31-05-2025 ಸಂಜೆ 5:30 ಗಂಟೆ

ಕಾಮಗಾರಿ ನಂ. (35 ರಿಂದ 37 ಕ್ಕೆ)

1) ಟೆಂಡರ್ ಪ್ರಕಟಣೆ ದಿನಾಂಕ: 21-5-2025 ಸಂಜೆ 5:00 ಗಂಟೆ 2) ಬಿಡ್ ದಿನಾಂಕ: 22-5-2025 ಸಂಜೆ 5:30 ಗಂಟೆ 3) ತಾಂತ್ರಿಕ ಬಿಡ್ ತೆರೆಯುವ ದಿನಾಂಕ: 23-05-2025 ಸಂಜೆ 5:00 ಗಂಟೆ

ವಾ.ಸಾ.ಸಂ/ಧಾರವಾಡ/155/ಜಿಲ್ಲಾವಾರ್ತಾಧಿಕಾರಿ/2025-26	ಸಹಿ/- ಕಾರ್ಯನಿರ್ವಾಹಕ ಅಭಿಯಂತರರು ಹುಬ್ಬಳ್ಳಿ-ಧಾರವಾಡ ಮಹಾನಗರ ಪಾಲಿಕೆ, ಧಾರವಾಡ.

●●●●	●●●●
